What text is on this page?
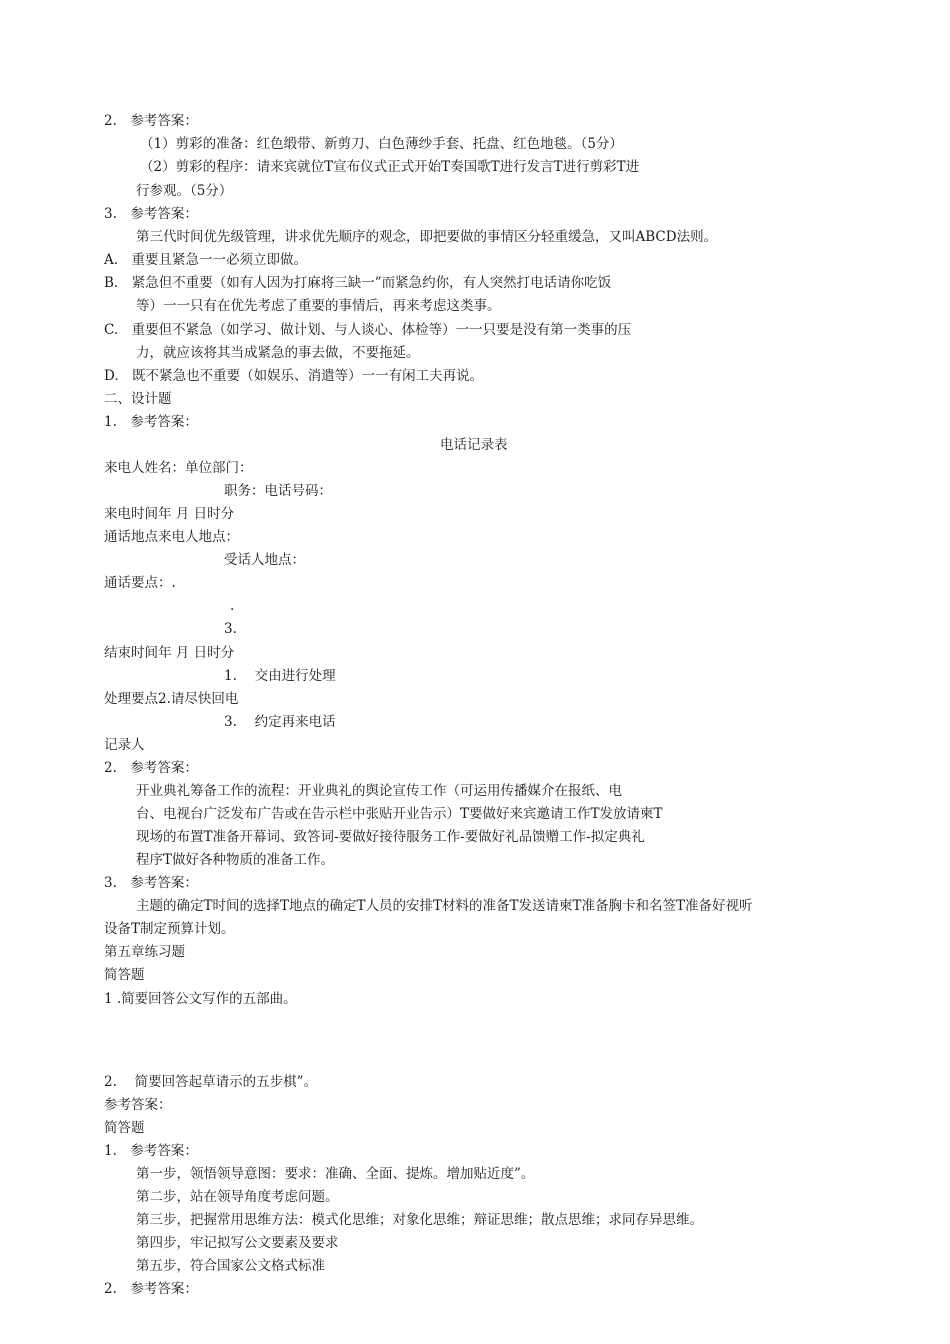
2.　参考答案：
（1）剪彩的准备：红色缎带、新剪刀、白色薄纱手套、托盘、红色地毯。（5分）
（2）剪彩的程序：请来宾就位T宣布仪式正式开始T奏国歌T进行发言T进行剪彩T进
行参观。（5分）
3.　参考答案：
第三代时间优先级管理，讲求优先顺序的观念，即把要做的事情区分轻重缓急，又叫ABCD法则。
A.　重要且紧急一一必须立即做。
B.　紧急但不重要（如有人因为打麻将三缺一”而紧急约你，有人突然打电话请你吃饭
等）一一只有在优先考虑了重要的事情后，再来考虑这类事。
C.　重要但不紧急（如学习、做计划、与人谈心、体检等）一一只要是没有第一类事的压
力，就应该将其当成紧急的事去做，不要拖延。
D.　既不紧急也不重要（如娱乐、消遣等）一一有闲工夫再说。
二、设计题
1.　参考答案：
电话记录表
来电人姓名：单位部门：
职务：电话号码：
来电时间年 月 日时分
通话地点来电人地点：
受话人地点：
通话要点：.
.
3.
结束时间年 月 日时分
1.　 交由进行处理
处理要点2.请尽快回电
3.　 约定再来电话
记录人
2.　参考答案：
开业典礼筹备工作的流程：开业典礼的舆论宣传工作（可运用传播媒介在报纸、电
台、电视台广泛发布广告或在告示栏中张贴开业告示）T要做好来宾邀请工作T发放请柬T
现场的布置T准备开幕词、致答词-要做好接待服务工作-要做好礼品馈赠工作-拟定典礼
程序T做好各种物质的准备工作。
3.　参考答案：
主题的确定T时间的选择T地点的确定T人员的安排T材料的准备T发送请柬T准备胸卡和名签T准备好视听
设备T制定预算计划。
第五章练习题
简答题
1 .简要回答公文写作的五部曲。
2.　 简要回答起草请示的五步棋”。
参考答案：
简答题
1.　参考答案：
第一步，领悟领导意图：要求：准确、全面、提炼。增加贴近度”。
第二步，站在领导角度考虑问题。
第三步，把握常用思维方法：模式化思维；对象化思维；辩证思维；散点思维；求同存异思维。
第四步，牢记拟写公文要素及要求
第五步，符合国家公文格式标准
2.　参考答案：
